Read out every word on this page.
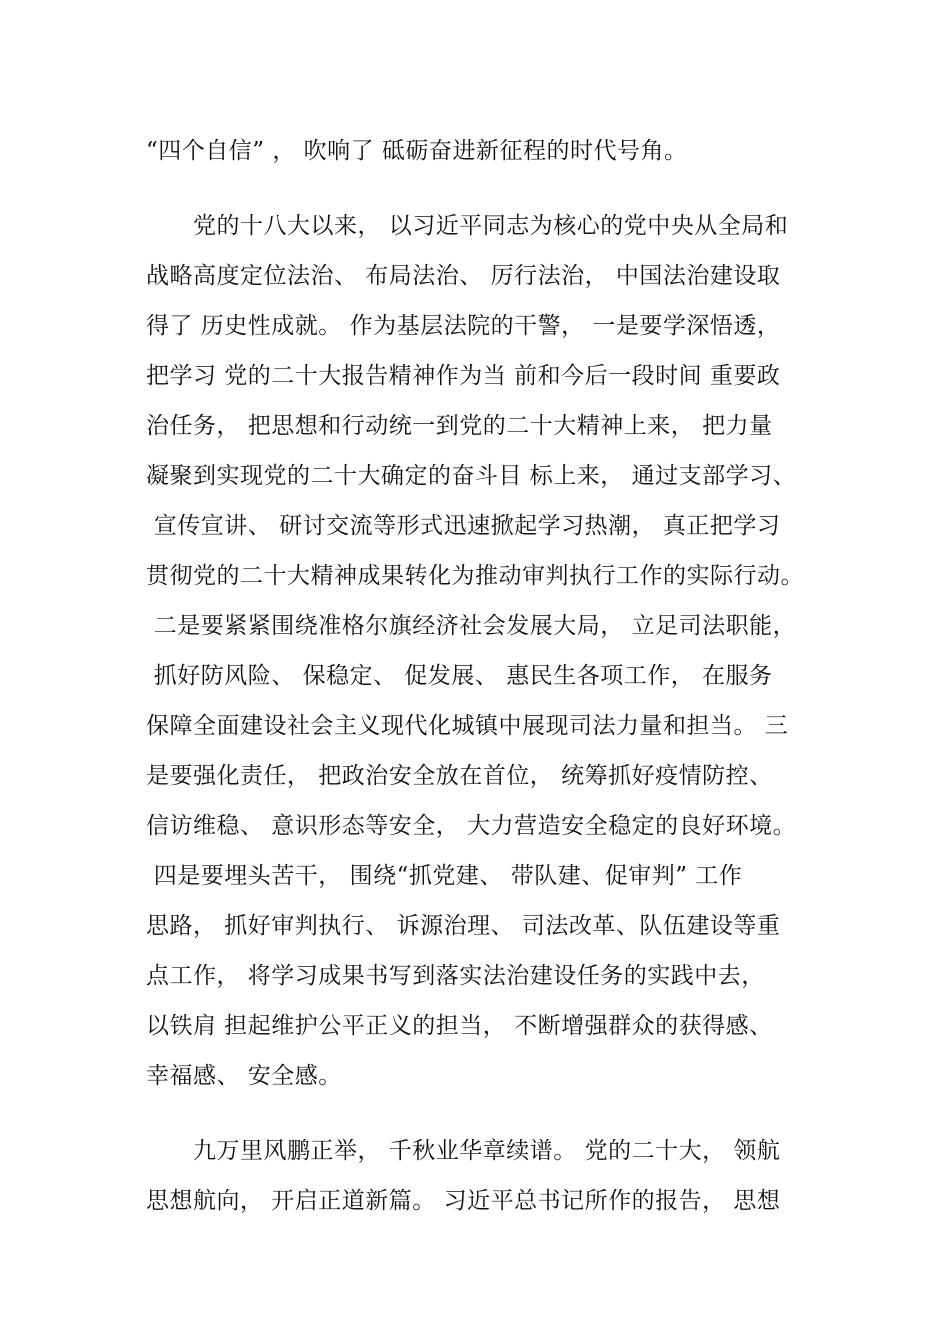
“四个自信” ， 吹响了 砥砺奋进新征程的时代号角。
党的十八大以来， 以习近平同志为核心的党中央从全局和
战略高度定位法治、 布局法治、 厉行法治， 中国法治建设取
得了 历史性成就。 作为基层法院的干警， 一是要学深悟透，
把学习 党的二十大报告精神作为当 前和今后一段时间 重要政
治任务， 把思想和行动统一到党的二十大精神上来， 把力量
凝聚到实现党的二十大确定的奋斗目 标上来， 通过支部学习、
宣传宣讲、 研讨交流等形式迅速掀起学习热潮， 真正把学习
贯彻党的二十大精神成果转化为推动审判执行工作的实际行动。
二是要紧紧围绕准格尔旗经济社会发展大局， 立足司法职能，
抓好防风险、 保稳定、 促发展、 惠民生各项工作， 在服务
保障全面建设社会主义现代化城镇中展现司法力量和担当。 三
是要强化责任， 把政治安全放在首位， 统筹抓好疫情防控、
信访维稳、 意识形态等安全， 大力营造安全稳定的良好环境。
四是要埋头苦干， 围绕“抓党建、 带队建、促审判” 工作
思路， 抓好审判执行、 诉源治理、 司法改革、队伍建设等重
点工作， 将学习成果书写到落实法治建设任务的实践中去，
以铁肩 担起维护公平正义的担当， 不断增强群众的获得感、
幸福感、 安全感。
九万里风鹏正举， 千秋业华章续谱。 党的二十大， 领航
思想航向， 开启正道新篇。 习近平总书记所作的报告， 思想
